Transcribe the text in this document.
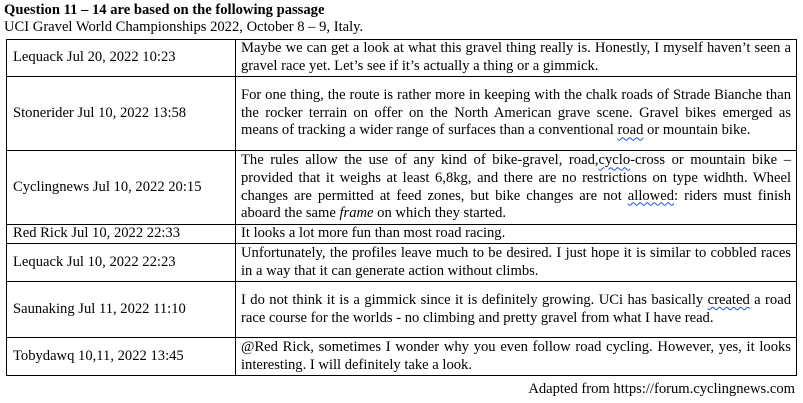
Question 11 – 14 are based on the following passage

UCI Gravel World Championships 2022, October 8 – 9, Italy.

Lequack Jul 20, 2022 10:23	Maybe we can get a look at what this gravel thing really is. Honestly, I myself haven’t seen a gravel race yet. Let’s see if it’s actually a thing or a gimmick.
Stonerider Jul 10, 2022 13:58	For one thing, the route is rather more in keeping with the chalk roads of Strade Bianche than the rocker terrain on offer on the North American grave scene. Gravel bikes emerged as means of tracking a wider range of surfaces than a conventional road or mountain bike.
Cyclingnews Jul 10, 2022 20:15	The rules allow the use of any kind of bike-gravel, road,cyclo-cross or mountain bike – provided that it weighs at least 6,8kg, and there are no restrictions on type widhth. Wheel changes are permitted at feed zones, but bike changes are not allowed: riders must finish aboard the same frame on which they started.
Red Rick Jul 10, 2022 22:33	It looks a lot more fun than most road racing.
Lequack Jul 10, 2022 22:23	Unfortunately, the profiles leave much to be desired. I just hope it is similar to cobbled races in a way that it can generate action without climbs.
Saunaking Jul 11, 2022 11:10	I do not think it is a gimmick since it is definitely growing. UCi has basically created a road race course for the worlds - no climbing and pretty gravel from what I have read.
Tobydawq 10,11, 2022 13:45	@Red Rick, sometimes I wonder why you even follow road cycling. However, yes, it looks interesting. I will definitely take a look.

Adapted from https://forum.cyclingnews.com
